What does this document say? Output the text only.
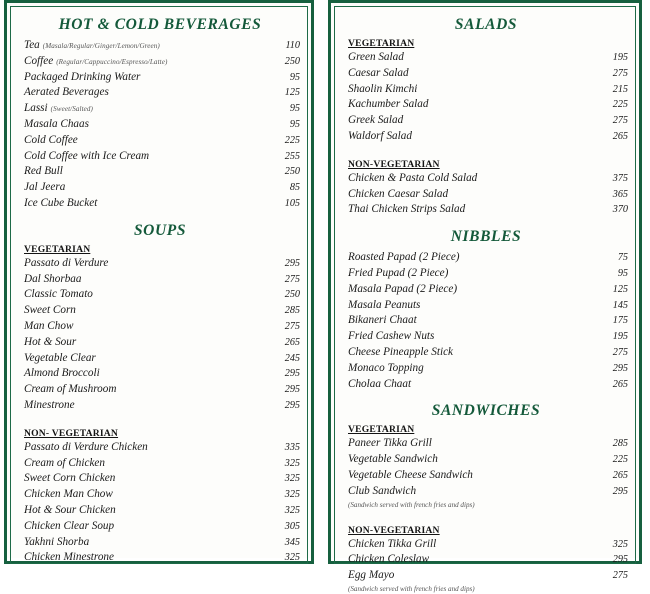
HOT & COLD BEVERAGES
Tea (Masala/Regular/Ginger/Lemon/Green)	110
Coffee (Regular/Cappuccino/Espresso/Latte)	250
Packaged Drinking Water	95
Aerated Beverages	125
Lassi (Sweet/Salted)	95
Masala Chaas	95
Cold Coffee	225
Cold Coffee with Ice Cream	255
Red Bull	250
Jal Jeera	85
Ice Cube Bucket	105
SOUPS
VEGETARIAN
Passato di Verdure	295
Dal Shorbaa	275
Classic Tomato	250
Sweet Corn	285
Man Chow	275
Hot & Sour	265
Vegetable Clear	245
Almond Broccoli	295
Cream of Mushroom	295
Minestrone	295
NON- VEGETARIAN
Passato di Verdure Chicken	335
Cream of Chicken	325
Sweet Corn Chicken	325
Chicken Man Chow	325
Hot & Sour Chicken	325
Chicken Clear Soup	305
Yakhni Shorba	345
Chicken Minestrone	325
SALADS
VEGETARIAN
Green Salad	195
Caesar Salad	275
Shaolin Kimchi	215
Kachumber Salad	225
Greek Salad	275
Waldorf Salad	265
NON-VEGETARIAN
Chicken & Pasta Cold Salad	375
Chicken Caesar Salad	365
Thai Chicken Strips Salad	370
NIBBLES
Roasted Papad (2 Piece)	75
Fried Pupad (2 Piece)	95
Masala Papad (2 Piece)	125
Masala Peanuts	145
Bikaneri Chaat	175
Fried Cashew Nuts	195
Cheese Pineapple Stick	275
Monaco Topping	295
Cholaa Chaat	265
SANDWICHES
VEGETARIAN
Paneer Tikka Grill	285
Vegetable Sandwich	225
Vegetable Cheese Sandwich	265
Club Sandwich	295
(Sandwich served with french fries and dips)
NON-VEGETARIAN
Chicken Tikka Grill	325
Chicken Coleslaw	295
Egg Mayo	275
(Sandwich served with french fries and dips)
